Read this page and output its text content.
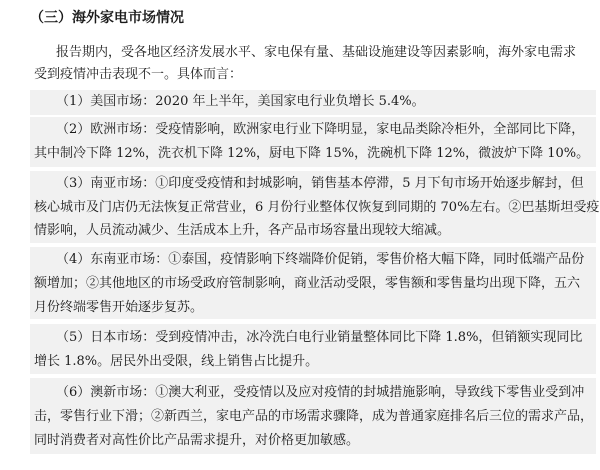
（三）海外家电市场情况
报告期内，受各地区经济发展水平、家电保有量、基础设施建设等因素影响，海外家电需求
受到疫情冲击表现不一。具体而言：
（1）美国市场：2020 年上半年，美国家电行业负增长 5.4%。
（2）欧洲市场：受疫情影响，欧洲家电行业下降明显，家电品类除冷柜外，全部同比下降，
其中制冷下降 12%，洗衣机下降 12%，厨电下降 15%，洗碗机下降 12%，微波炉下降 10%。
（3）南亚市场：①印度受疫情和封城影响，销售基本停滞，5 月下旬市场开始逐步解封，但
核心城市及门店仍无法恢复正常营业，6 月份行业整体仅恢复到同期的 70%左右。②巴基斯坦受疫
情影响，人员流动减少、生活成本上升，各产品市场容量出现较大缩减。
（4）东南亚市场：①泰国，疫情影响下终端降价促销，零售价格大幅下降，同时低端产品份
额增加；②其他地区的市场受政府管制影响，商业活动受限，零售额和零售量均出现下降，五六
月份终端零售开始逐步复苏。
（5）日本市场：受到疫情冲击，冰冷洗白电行业销量整体同比下降 1.8%，但销额实现同比
增长 1.8%。居民外出受限，线上销售占比提升。
（6）澳新市场：①澳大利亚，受疫情以及应对疫情的封城措施影响，导致线下零售业受到冲
击，零售行业下滑；②新西兰，家电产品的市场需求骤降，成为普通家庭排名后三位的需求产品，
同时消费者对高性价比产品需求提升，对价格更加敏感。
